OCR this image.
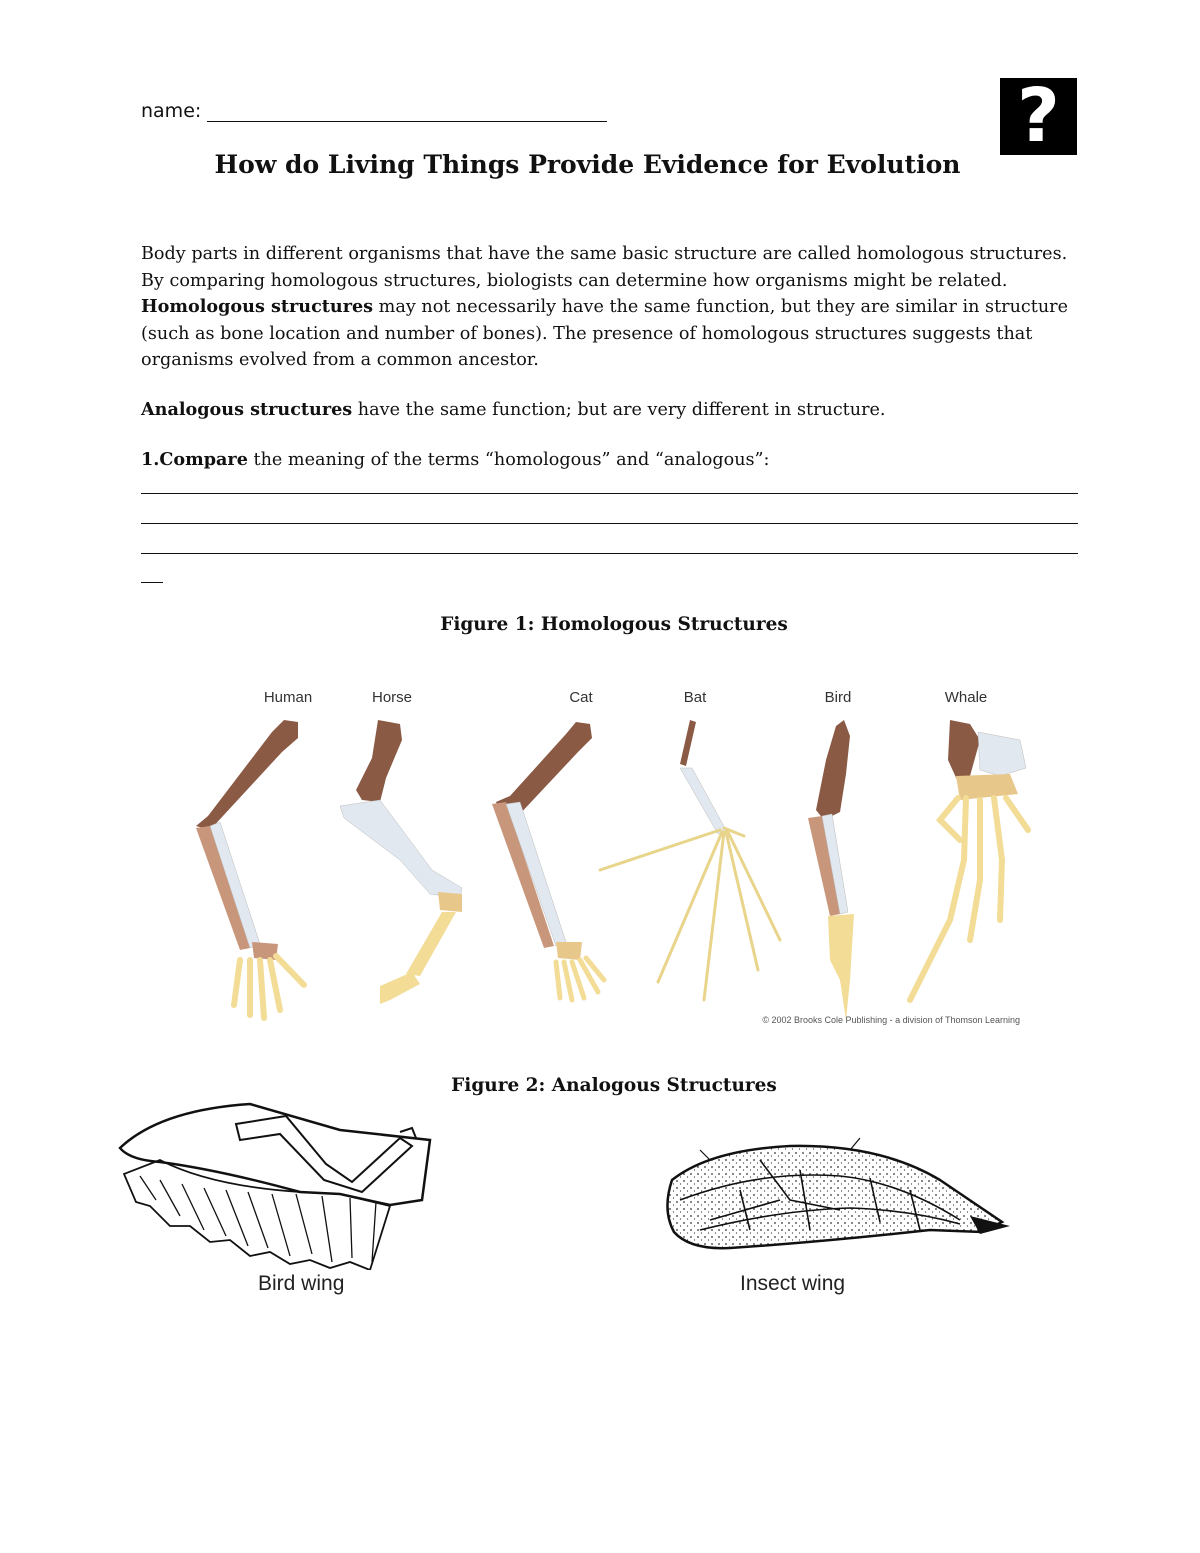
name:	?
How do Living Things Provide Evidence for Evolution
Body parts in different organisms that have the same basic structure are called homologous structures. By comparing homologous structures, biologists can determine how organisms might be related. Homologous structures may not necessarily have the same function, but they are similar in structure (such as bone location and number of bones). The presence of homologous structures suggests that organisms evolved from a common ancestor.
Analogous structures have the same function; but are very different in structure.
1.Compare the meaning of the terms “homologous” and “analogous”:
Figure 1: Homologous Structures
Human	Horse	Cat	Bat	Bird	Whale
© 2002 Brooks Cole Publishing - a division of Thomson Learning
Figure 2: Analogous Structures
Bird wing	Insect wing
